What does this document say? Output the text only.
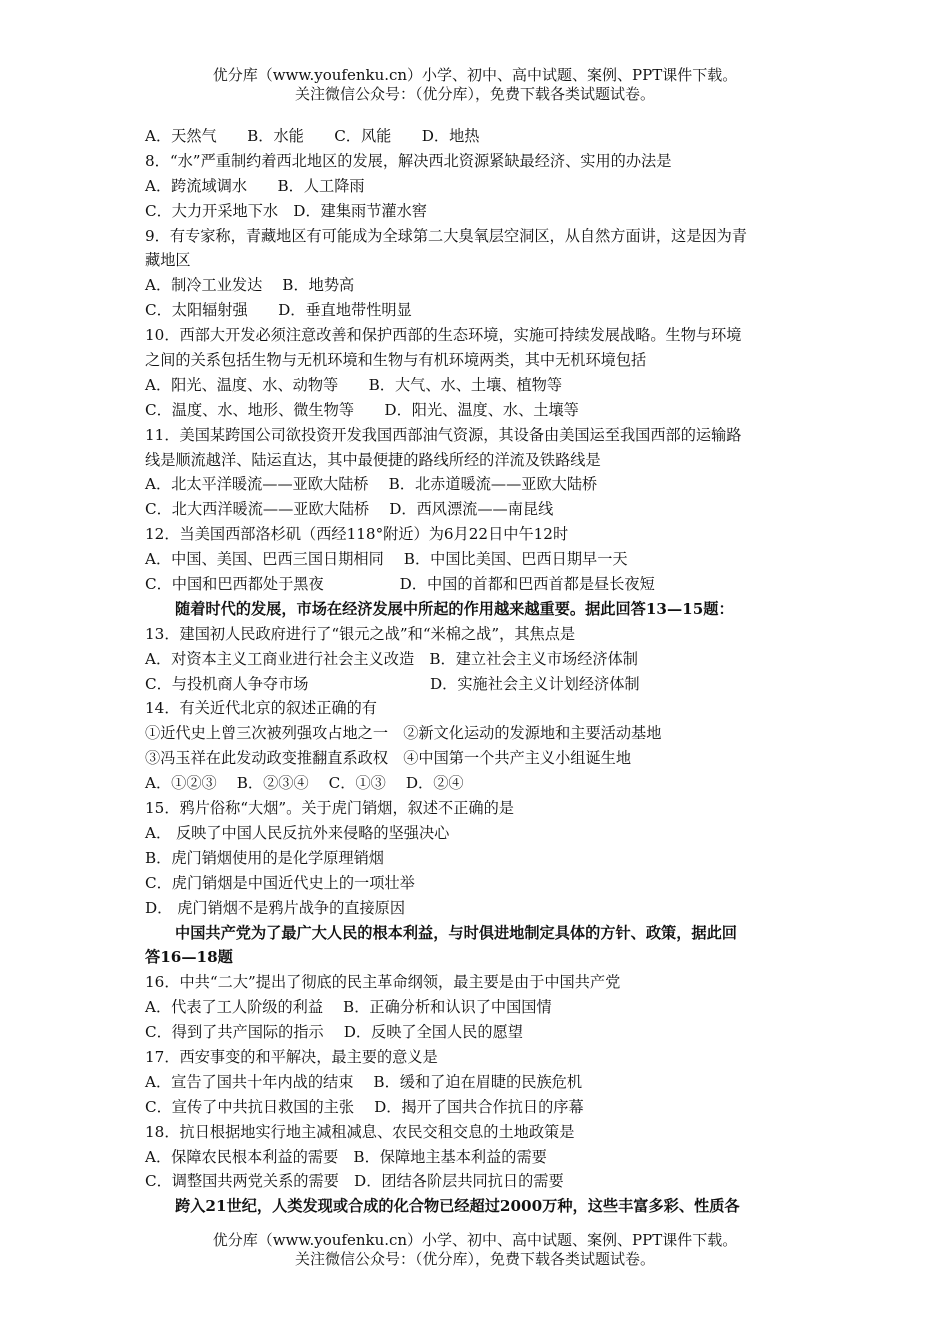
优分库（www.youfenku.cn）小学、初中、高中试题、案例、PPT课件下载。
关注微信公众号：（优分库），免费下载各类试题试卷。
A．天然气　　B．水能　　C．风能　　D．地热
8．“水”严重制约着西北地区的发展，解决西北资源紧缺最经济、实用的办法是
A．跨流域调水　　B．人工降雨
C．大力开采地下水　D．建集雨节灌水窖
9．有专家称，青藏地区有可能成为全球第二大臭氧层空洞区，从自然方面讲，这是因为青
藏地区
A．制冷工业发达　 B．地势高
C．太阳辐射强　　D．垂直地带性明显
10．西部大开发必须注意改善和保护西部的生态环境，实施可持续发展战略。生物与环境
之间的关系包括生物与无机环境和生物与有机环境两类，其中无机环境包括
A．阳光、温度、水、动物等　　B．大气、水、土壤、植物等
C．温度、水、地形、微生物等　　D．阳光、温度、水、土壤等
11．美国某跨国公司欲投资开发我国西部油气资源，其设备由美国运至我国西部的运输路
线是顺流越洋、陆运直达，其中最便捷的路线所经的洋流及铁路线是
A．北太平洋暖流——亚欧大陆桥　 B．北赤道暖流——亚欧大陆桥
C．北大西洋暖流——亚欧大陆桥　 D．西风漂流——南昆线
12．当美国西部洛杉矶（西经118°附近）为6月22日中午12时
A．中国、美国、巴西三国日期相同　 B．中国比美国、巴西日期早一天
C．中国和巴西都处于黑夜　　　　　D．中国的首都和巴西首都是昼长夜短
随着时代的发展，市场在经济发展中所起的作用越来越重要。据此回答13—15题：
13．建国初人民政府进行了“银元之战”和“米棉之战”，其焦点是
A．对资本主义工商业进行社会主义改造　B．建立社会主义市场经济体制
C．与投机商人争夺市场　　　　　　　　D．实施社会主义计划经济体制
14．有关近代北京的叙述正确的有
①近代史上曾三次被列强攻占地之一　②新文化运动的发源地和主要活动基地
③冯玉祥在此发动政变推翻直系政权　④中国第一个共产主义小组诞生地
A．①②③　 B．②③④　 C．①③　 D．②④
15．鸦片俗称“大烟”。关于虎门销烟，叙述不正确的是
A． 反映了中国人民反抗外来侵略的坚强决心
B．虎门销烟使用的是化学原理销烟
C．虎门销烟是中国近代史上的一项壮举
D． 虎门销烟不是鸦片战争的直接原因
中国共产党为了最广大人民的根本利益，与时俱进地制定具体的方针、政策，据此回
答16—18题
16．中共“二大”提出了彻底的民主革命纲领，最主要是由于中国共产党
A．代表了工人阶级的利益　 B．正确分析和认识了中国国情
C．得到了共产国际的指示　 D．反映了全国人民的愿望
17．西安事变的和平解决，最主要的意义是
A．宣告了国共十年内战的结束　 B．缓和了迫在眉睫的民族危机
C．宣传了中共抗日救国的主张　 D．揭开了国共合作抗日的序幕
18．抗日根据地实行地主减租减息、农民交租交息的土地政策是
A．保障农民根本利益的需要　B．保障地主基本利益的需要
C．调整国共两党关系的需要　D．团结各阶层共同抗日的需要
跨入21世纪，人类发现或合成的化合物已经超过2000万种，这些丰富多彩、性质各
优分库（www.youfenku.cn）小学、初中、高中试题、案例、PPT课件下载。
关注微信公众号：（优分库），免费下载各类试题试卷。
